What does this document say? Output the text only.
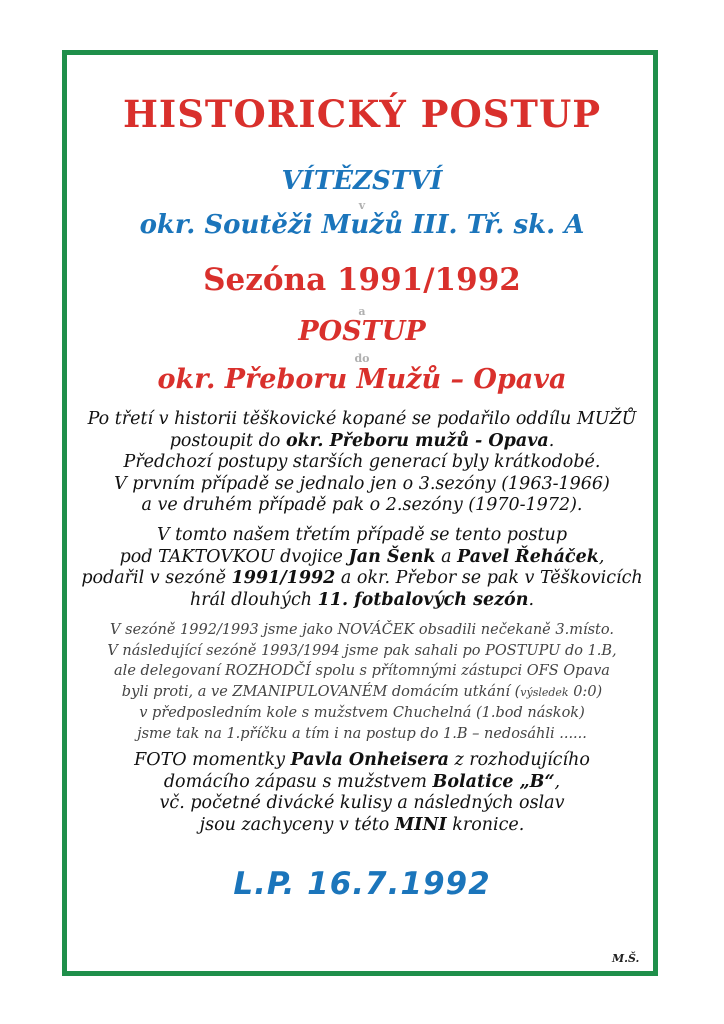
HISTORICKÝ POSTUP
VÍTĚZSTVÍ
v
okr. Soutěži Mužů III. Tř. sk. A
Sezóna 1991/1992
a
POSTUP
do
okr. Přeboru Mužů – Opava
Po třetí v historii těškovické kopané se podařilo oddílu MUŽŮ
postoupit do okr. Přeboru mužů - Opava.
Předchozí postupy starších generací byly krátkodobé.
V prvním případě se jednalo jen o 3.sezóny (1963-1966)
a ve druhém případě pak o 2.sezóny (1970-1972).
V tomto našem třetím případě se tento postup
pod TAKTOVKOU dvojice Jan Šenk a Pavel Řeháček,
podařil v sezóně 1991/1992 a okr. Přebor se pak v Těškovicích
hrál dlouhých 11. fotbalových sezón.
V sezóně 1992/1993 jsme jako NOVÁČEK obsadili nečekaně 3.místo.
V následující sezóně 1993/1994 jsme pak sahali po POSTUPU do 1.B,
ale delegovaní ROZHODČÍ spolu s přítomnými zástupci OFS Opava
byli proti, a ve ZMANIPULOVANÉM domácím utkání (výsledek 0:0)
v předposledním kole s mužstvem Chuchelná (1.bod náskok)
jsme tak na 1.příčku a tím i na postup do 1.B – nedosáhli ......
FOTO momentky Pavla Onheisera z rozhodujícího
domácího zápasu s mužstvem Bolatice „B“,
vč. početné divácké kulisy a následných oslav
jsou zachyceny v této MINI kronice.
L.P. 16.7.1992
M.Š.
